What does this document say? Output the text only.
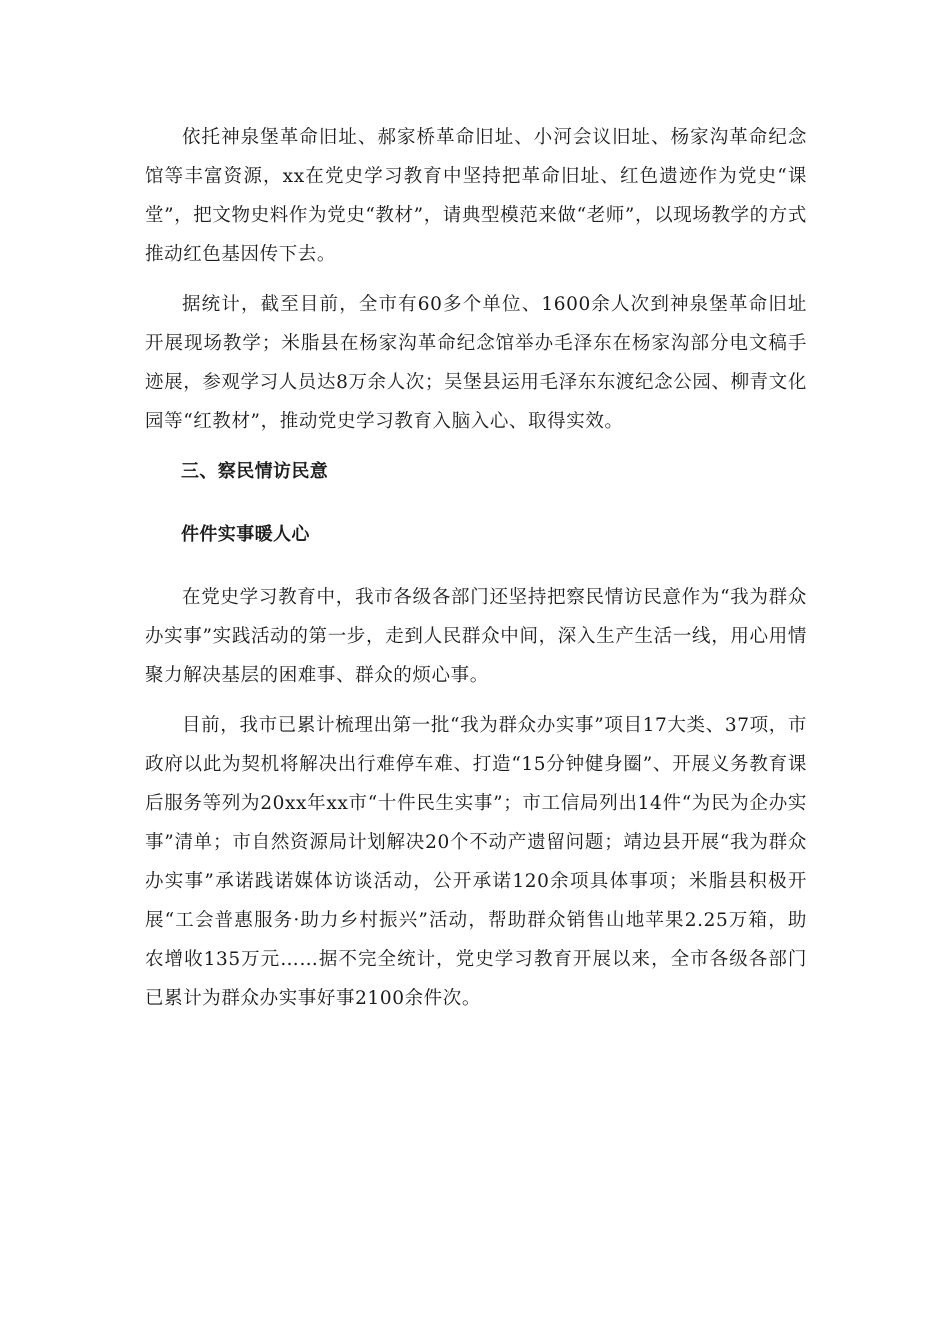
依托神泉堡革命旧址、郝家桥革命旧址、小河会议旧址、杨家沟革命纪念馆等丰富资源，xx在党史学习教育中坚持把革命旧址、红色遗迹作为党史“课堂”，把文物史料作为党史“教材”，请典型模范来做“老师”，以现场教学的方式推动红色基因传下去。

据统计，截至目前，全市有60多个单位、1600余人次到神泉堡革命旧址开展现场教学；米脂县在杨家沟革命纪念馆举办毛泽东在杨家沟部分电文稿手迹展，参观学习人员达8万余人次；吴堡县运用毛泽东东渡纪念公园、柳青文化园等“红教材”，推动党史学习教育入脑入心、取得实效。

三、察民情访民意

件件实事暖人心

在党史学习教育中，我市各级各部门还坚持把察民情访民意作为“我为群众办实事”实践活动的第一步，走到人民群众中间，深入生产生活一线，用心用情聚力解决基层的困难事、群众的烦心事。

目前，我市已累计梳理出第一批“我为群众办实事”项目17大类、37项，市政府以此为契机将解决出行难停车难、打造“15分钟健身圈”、开展义务教育课后服务等列为20xx年xx市“十件民生实事”；市工信局列出14件“为民为企办实事”清单；市自然资源局计划解决20个不动产遗留问题；靖边县开展“我为群众办实事”承诺践诺媒体访谈活动，公开承诺120余项具体事项；米脂县积极开展“工会普惠服务·助力乡村振兴”活动，帮助群众销售山地苹果2.25万箱，助农增收135万元……据不完全统计，党史学习教育开展以来，全市各级各部门已累计为群众办实事好事2100余件次。
